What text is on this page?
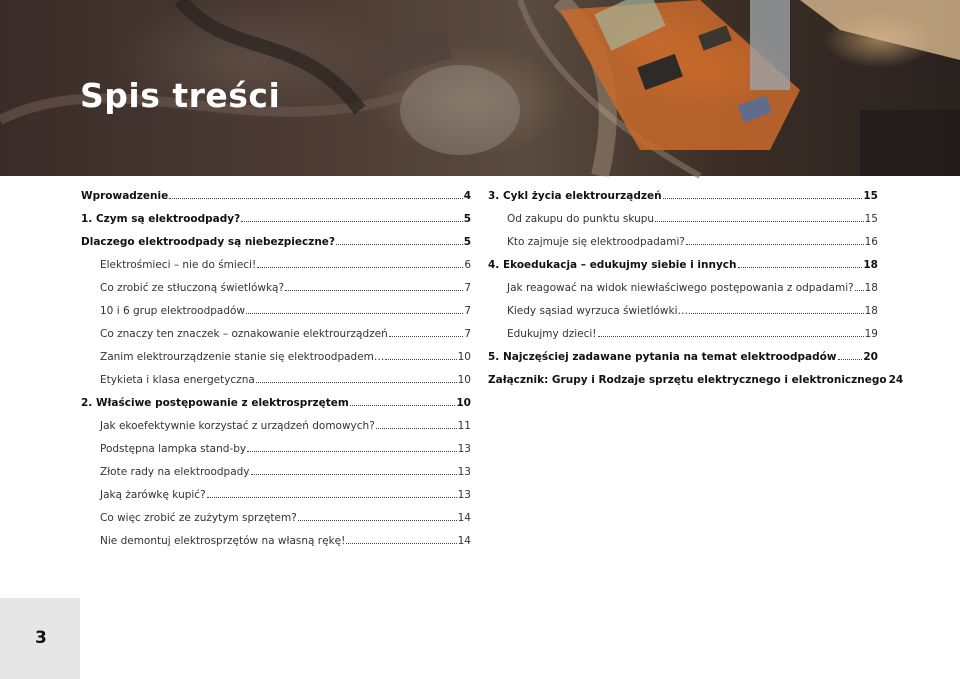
Spis treści
Wprowadzenie	4
1. Czym są elektroodpady?	5
Dlaczego elektroodpady są niebezpieczne?	5
Elektrośmieci – nie do śmieci!	6
Co zrobić ze stłuczoną świetlówką?	7
10 i 6 grup elektroodpadów	7
Co znaczy ten znaczek – oznakowanie elektrourządzeń	7
Zanim elektrourządzenie stanie się elektroodpadem…	10
Etykieta i klasa energetyczna	10
2. Właściwe postępowanie z elektrosprzętem	10
Jak ekoefektywnie korzystać z urządzeń domowych?	11
Podstępna lampka stand-by	13
Złote rady na elektroodpady	13
Jaką żarówkę kupić?	13
Co więc zrobić ze zużytym sprzętem?	14
Nie demontuj elektrosprzętów na własną rękę!	14
3. Cykl życia elektrourządzeń	15
Od zakupu do punktu skupu	15
Kto zajmuje się elektroodpadami?	16
4. Ekoedukacja – edukujmy siebie i innych	18
Jak reagować na widok niewłaściwego postępowania z odpadami? 18
Kiedy sąsiad wyrzuca świetlówki…	18
Edukujmy dzieci!	19
5. Najczęściej zadawane pytania na temat elektroodpadów	20
Załącznik: Grupy i Rodzaje sprzętu elektrycznego i elektronicznego 24
3
